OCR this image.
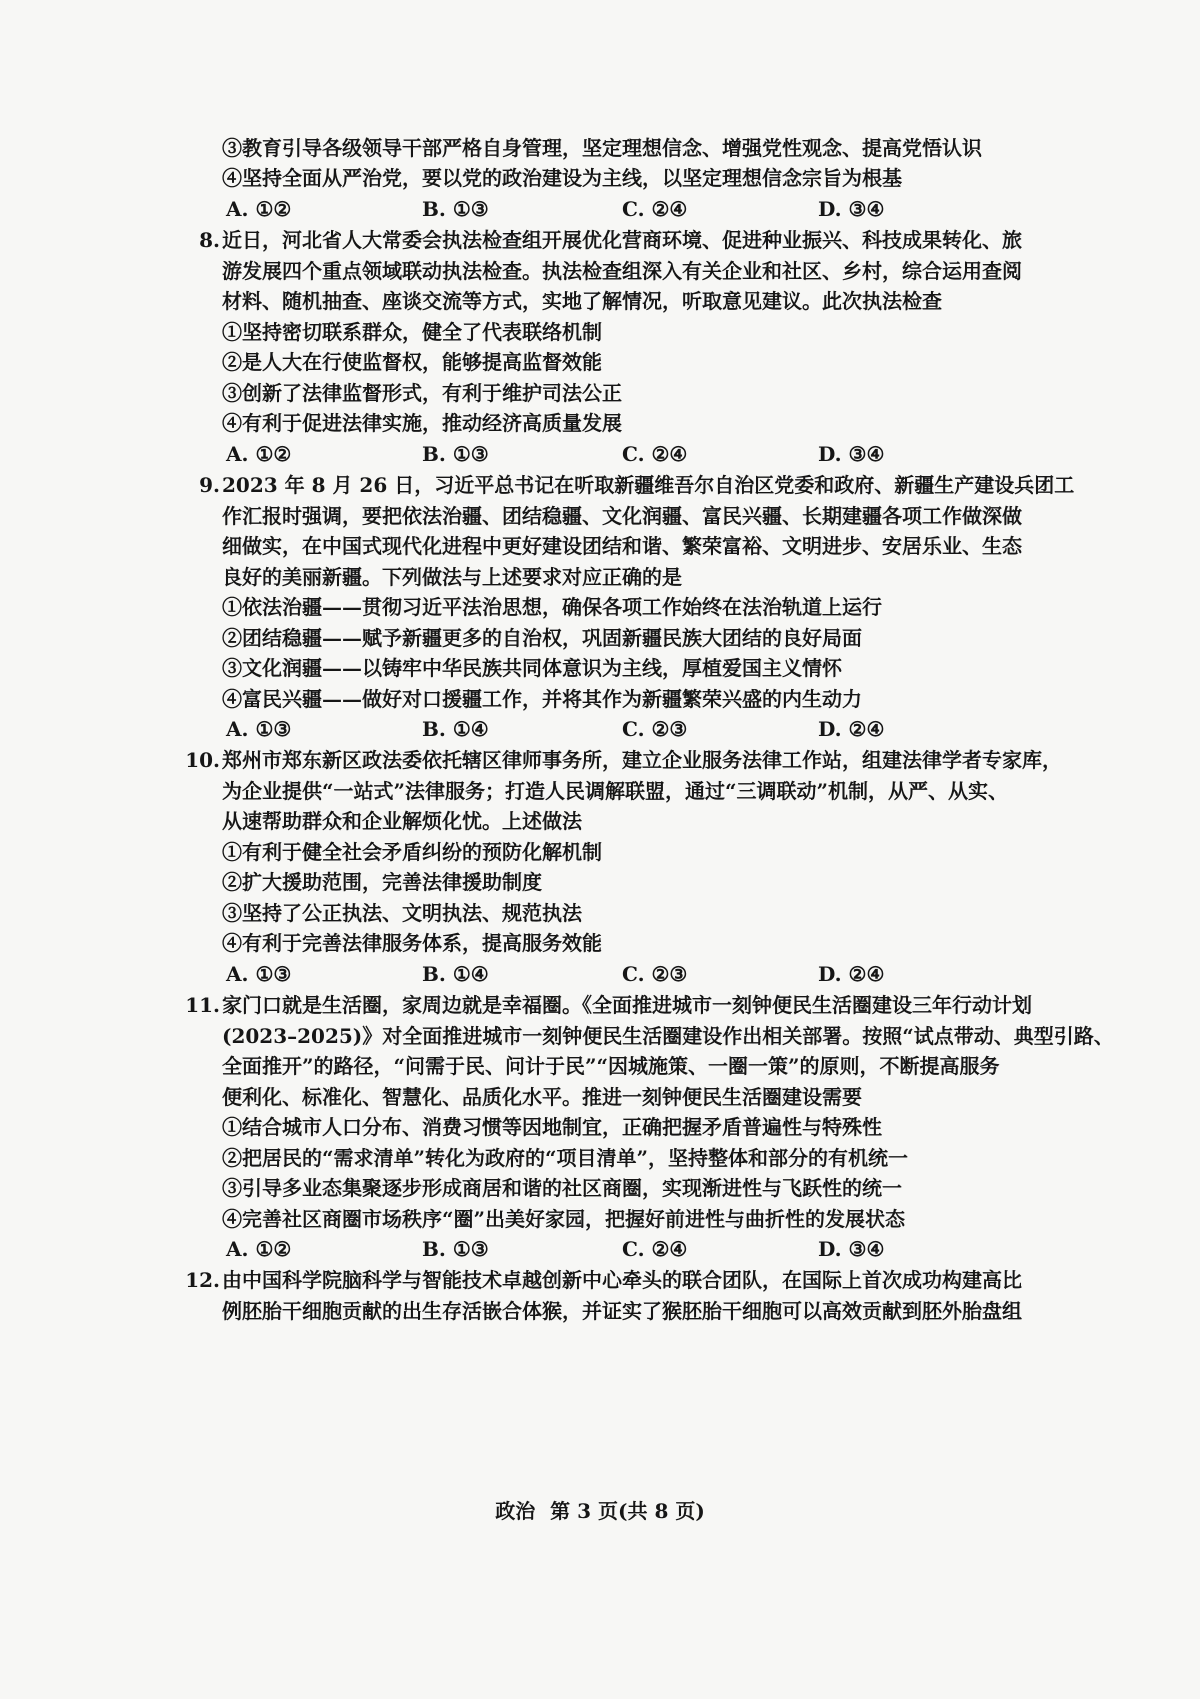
③教育引导各级领导干部严格自身管理，坚定理想信念、增强党性观念、提高党悟认识
④坚持全面从严治党，要以党的政治建设为主线，以坚定理想信念宗旨为根基
A. ①②	B. ①③	C. ②④	D. ③④
8. 近日，河北省人大常委会执法检查组开展优化营商环境、促进种业振兴、科技成果转化、旅
游发展四个重点领域联动执法检查。执法检查组深入有关企业和社区、乡村，综合运用查阅
材料、随机抽查、座谈交流等方式，实地了解情况，听取意见建议。此次执法检查
①坚持密切联系群众，健全了代表联络机制
②是人大在行使监督权，能够提高监督效能
③创新了法律监督形式，有利于维护司法公正
④有利于促进法律实施，推动经济高质量发展
A. ①②	B. ①③	C. ②④	D. ③④
9. 2023 年 8 月 26 日，习近平总书记在听取新疆维吾尔自治区党委和政府、新疆生产建设兵团工
作汇报时强调，要把依法治疆、团结稳疆、文化润疆、富民兴疆、长期建疆各项工作做深做
细做实，在中国式现代化进程中更好建设团结和谐、繁荣富裕、文明进步、安居乐业、生态
良好的美丽新疆。下列做法与上述要求对应正确的是
①依法治疆——贯彻习近平法治思想，确保各项工作始终在法治轨道上运行
②团结稳疆——赋予新疆更多的自治权，巩固新疆民族大团结的良好局面
③文化润疆——以铸牢中华民族共同体意识为主线，厚植爱国主义情怀
④富民兴疆——做好对口援疆工作，并将其作为新疆繁荣兴盛的内生动力
A. ①③	B. ①④	C. ②③	D. ②④
10. 郑州市郑东新区政法委依托辖区律师事务所，建立企业服务法律工作站，组建法律学者专家库，
为企业提供“一站式”法律服务；打造人民调解联盟，通过“三调联动”机制，从严、从实、
从速帮助群众和企业解烦化忧。上述做法
①有利于健全社会矛盾纠纷的预防化解机制
②扩大援助范围，完善法律援助制度
③坚持了公正执法、文明执法、规范执法
④有利于完善法律服务体系，提高服务效能
A. ①③	B. ①④	C. ②③	D. ②④
11. 家门口就是生活圈，家周边就是幸福圈。《全面推进城市一刻钟便民生活圈建设三年行动计划
(2023–2025)》对全面推进城市一刻钟便民生活圈建设作出相关部署。按照“试点带动、典型引路、
全面推开”的路径，“问需于民、问计于民”“因城施策、一圈一策”的原则，不断提高服务
便利化、标准化、智慧化、品质化水平。推进一刻钟便民生活圈建设需要
①结合城市人口分布、消费习惯等因地制宜，正确把握矛盾普遍性与特殊性
②把居民的“需求清单”转化为政府的“项目清单”，坚持整体和部分的有机统一
③引导多业态集聚逐步形成商居和谐的社区商圈，实现渐进性与飞跃性的统一
④完善社区商圈市场秩序“圈”出美好家园，把握好前进性与曲折性的发展状态
A. ①②	B. ①③	C. ②④	D. ③④
12. 由中国科学院脑科学与智能技术卓越创新中心牵头的联合团队，在国际上首次成功构建高比
例胚胎干细胞贡献的出生存活嵌合体猴，并证实了猴胚胎干细胞可以高效贡献到胚外胎盘组
政治 第 3 页(共 8 页)
